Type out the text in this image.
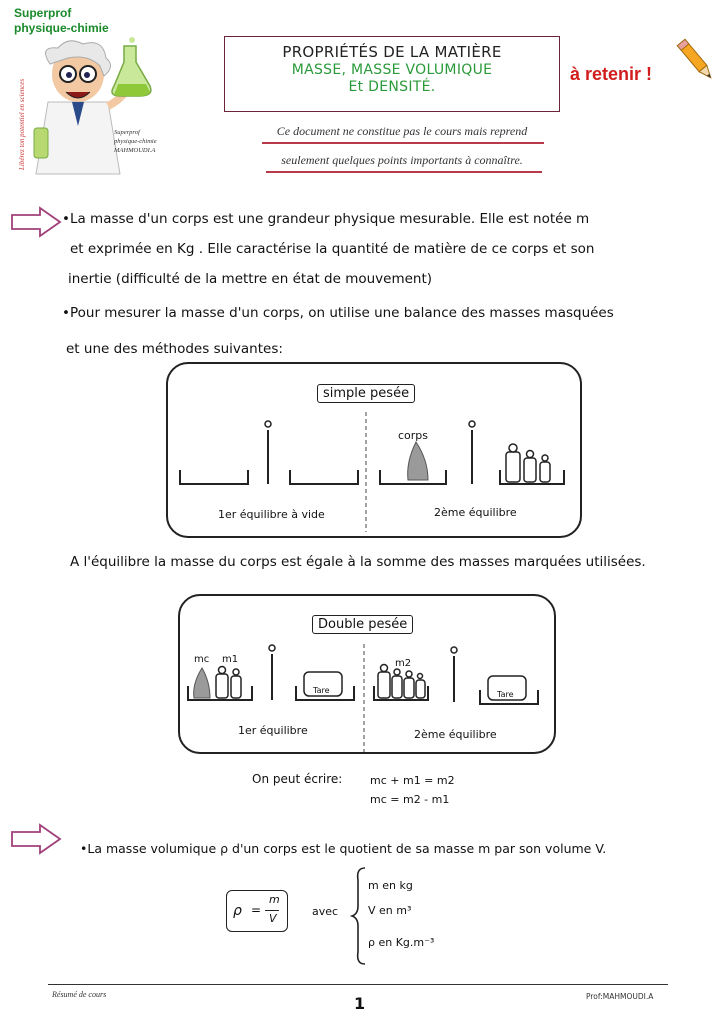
Superprof
physique-chimie
Libérez ton potentiel en sciences	Superprof
physique-chimie
MAHMOUDI.A
PROPRIÉTÉS DE LA MATIÈRE
MASSE, MASSE VOLUMIQUE
Et DENSITÉ.
à retenir !
Ce document ne constitue pas le cours mais reprend
seulement quelques points importants à connaître.
•La masse d'un corps est une grandeur physique mesurable. Elle est notée m
et exprimée en Kg . Elle caractérise la quantité de matière de ce corps et son
inertie (difficulté de la mettre en état de mouvement)
•Pour mesurer la masse d'un corps, on utilise une balance des masses masquées
et une des méthodes suivantes:
simple pesée
corps
1er équilibre à vide	2ème équilibre
A l'équilibre la masse du corps est égale à la somme des masses marquées utilisées.
Double pesée
mc m1	m2
Tare	Tare
1er équilibre	2ème équilibre
On peut écrire:	mc + m1 = m2
mc = m2 - m1
•La masse volumique ρ d'un corps est le quotient de sa masse m par son volume V.
ρ =
m
V
avec
m en kg
V en m³
ρ en Kg.m⁻³
Résumé de cours	1	Prof:MAHMOUDI.A
